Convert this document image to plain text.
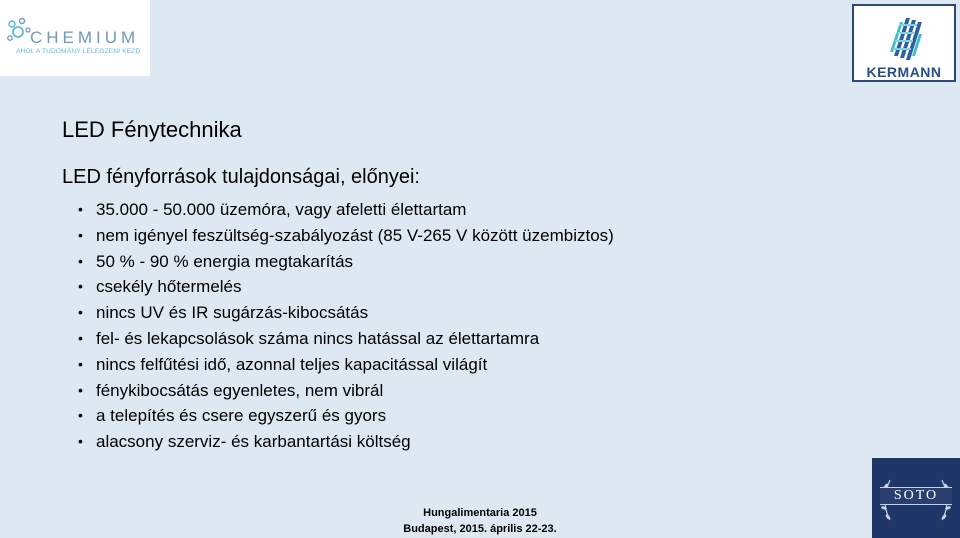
CHEMIUM
AHOL A TUDOMÁNY LÉLEGZENI KEZD
KERMANN
LED Fénytechnika
LED fényforrások tulajdonságai, előnyei:
• 35.000 - 50.000 üzemóra, vagy afeletti élettartam
• nem igényel feszültség-szabályozást (85 V-265 V között üzembiztos)
• 50 % - 90 % energia megtakarítás
• csekély hőtermelés
• nincs UV és IR sugárzás-kibocsátás
• fel- és lekapcsolások száma nincs hatással az élettartamra
• nincs felfűtési idő, azonnal teljes kapacitással világít
• fénykibocsátás egyenletes, nem vibrál
• a telepítés és csere egyszerű és gyors
• alacsony szerviz- és karbantartási költség
Hungalimentaria 2015
Budapest, 2015. április 22-23.
SOTO
